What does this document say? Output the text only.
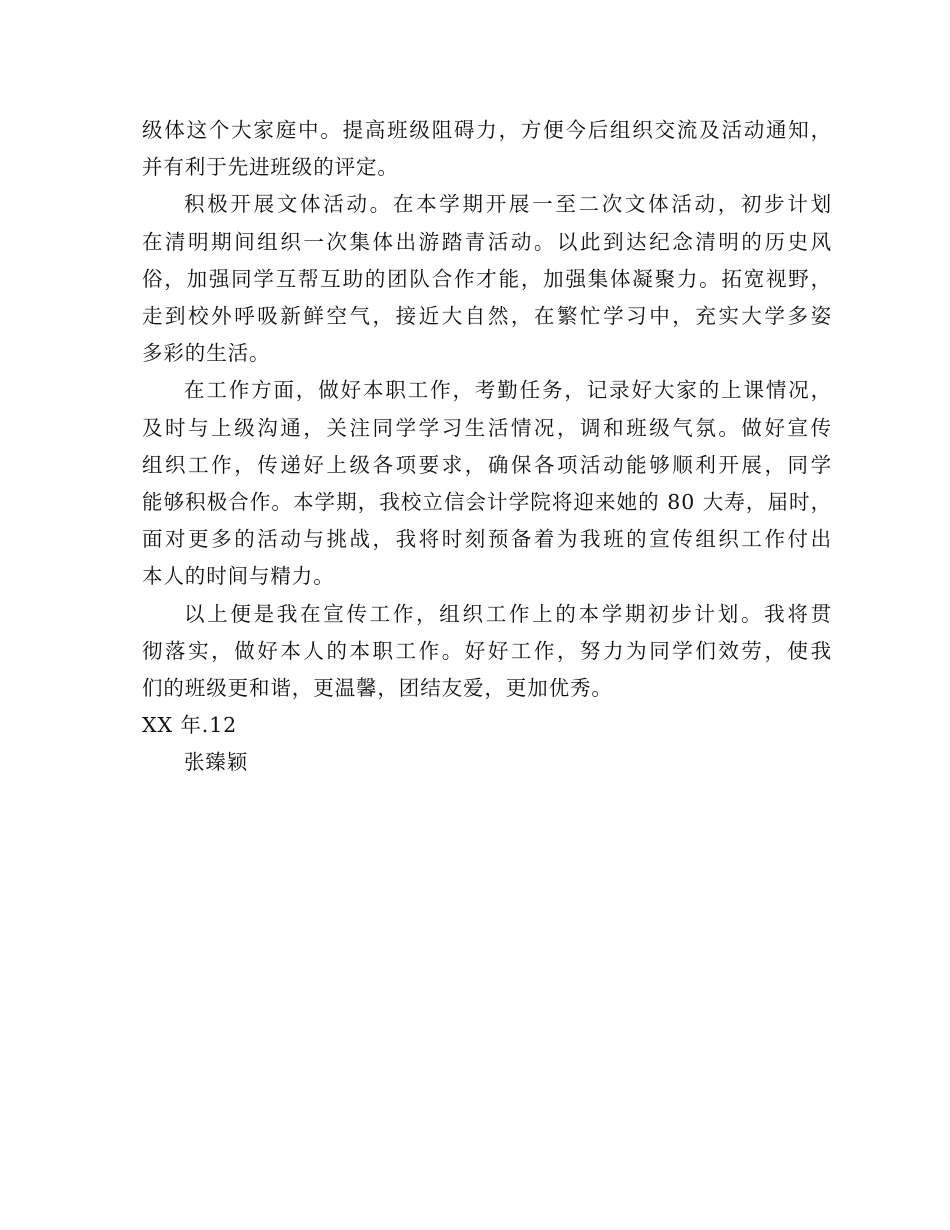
级体这个大家庭中。提高班级阻碍力，方便今后组织交流及活动通知，
并有利于先进班级的评定。

积极开展文体活动。在本学期开展一至二次文体活动，初步计划
在清明期间组织一次集体出游踏青活动。以此到达纪念清明的历史风
俗，加强同学互帮互助的团队合作才能，加强集体凝聚力。拓宽视野，
走到校外呼吸新鲜空气，接近大自然，在繁忙学习中，充实大学多姿
多彩的生活。

在工作方面，做好本职工作，考勤任务，记录好大家的上课情况，
及时与上级沟通，关注同学学习生活情况，调和班级气氛。做好宣传
组织工作，传递好上级各项要求，确保各项活动能够顺利开展，同学
能够积极合作。本学期，我校立信会计学院将迎来她的 80 大寿，届时，
面对更多的活动与挑战，我将时刻预备着为我班的宣传组织工作付出
本人的时间与精力。

以上便是我在宣传工作，组织工作上的本学期初步计划。我将贯
彻落实，做好本人的本职工作。好好工作，努力为同学们效劳，使我
们的班级更和谐，更温馨，团结友爱，更加优秀。

XX 年.12

张臻颖
